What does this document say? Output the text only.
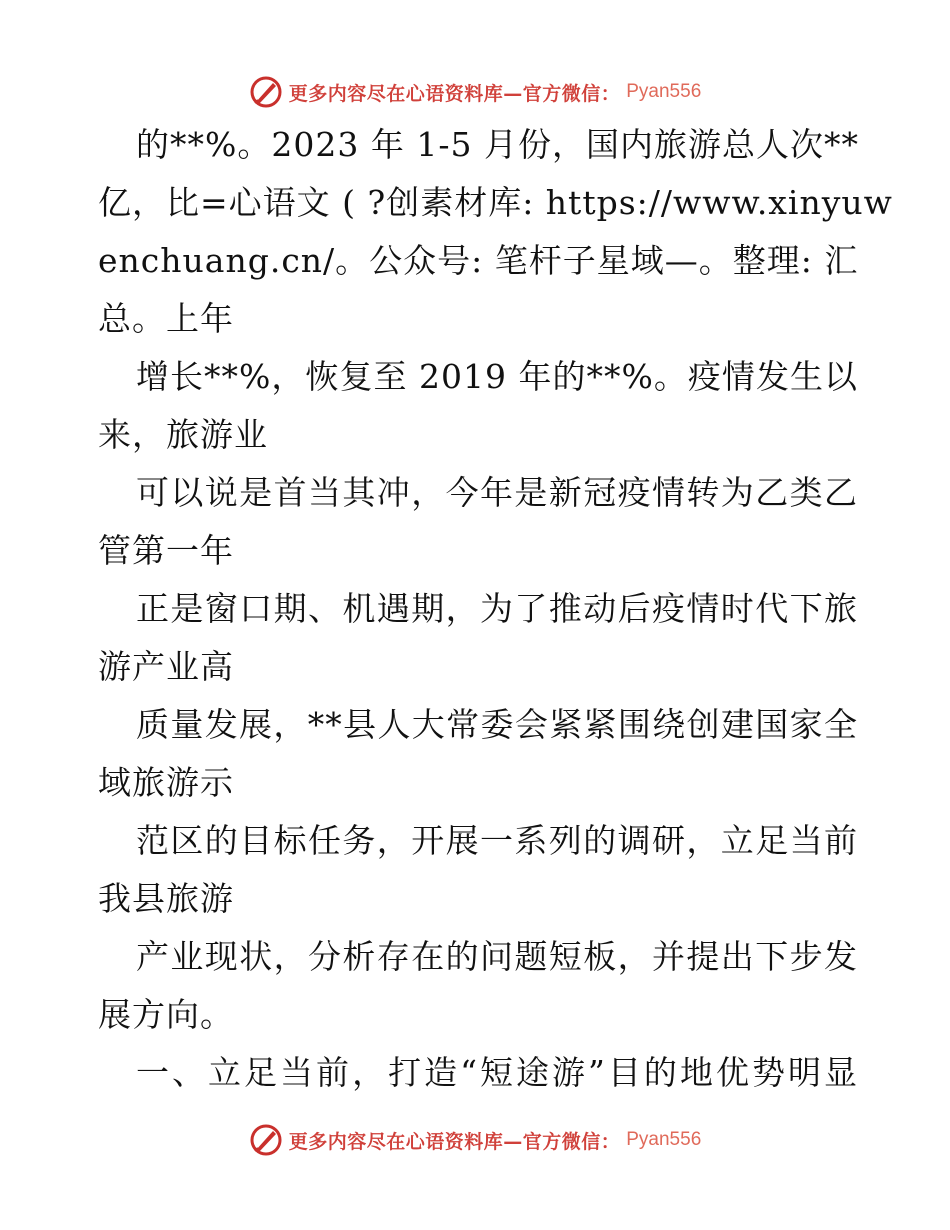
更多内容尽在心语资料库—官方微信： Pyan556
的**%。2023 年 1-5 月份，国内旅游总人次**
亿，比=心语文 ( ?创素材库: https://www.xinyuw
enchuang.cn/。公众号: 笔杆子星域—。整理: 汇
总。上年
增长**%，恢复至 2019 年的**%。疫情发生以
来，旅游业
可以说是首当其冲，今年是新冠疫情转为乙类乙
管第一年
正是窗口期、机遇期，为了推动后疫情时代下旅
游产业高
质量发展，**县人大常委会紧紧围绕创建国家全
域旅游示
范区的目标任务，开展一系列的调研，立足当前
我县旅游
产业现状，分析存在的问题短板，并提出下步发
展方向。
一、立足当前，打造“短途游”目的地优势明显
更多内容尽在心语资料库—官方微信： Pyan556
